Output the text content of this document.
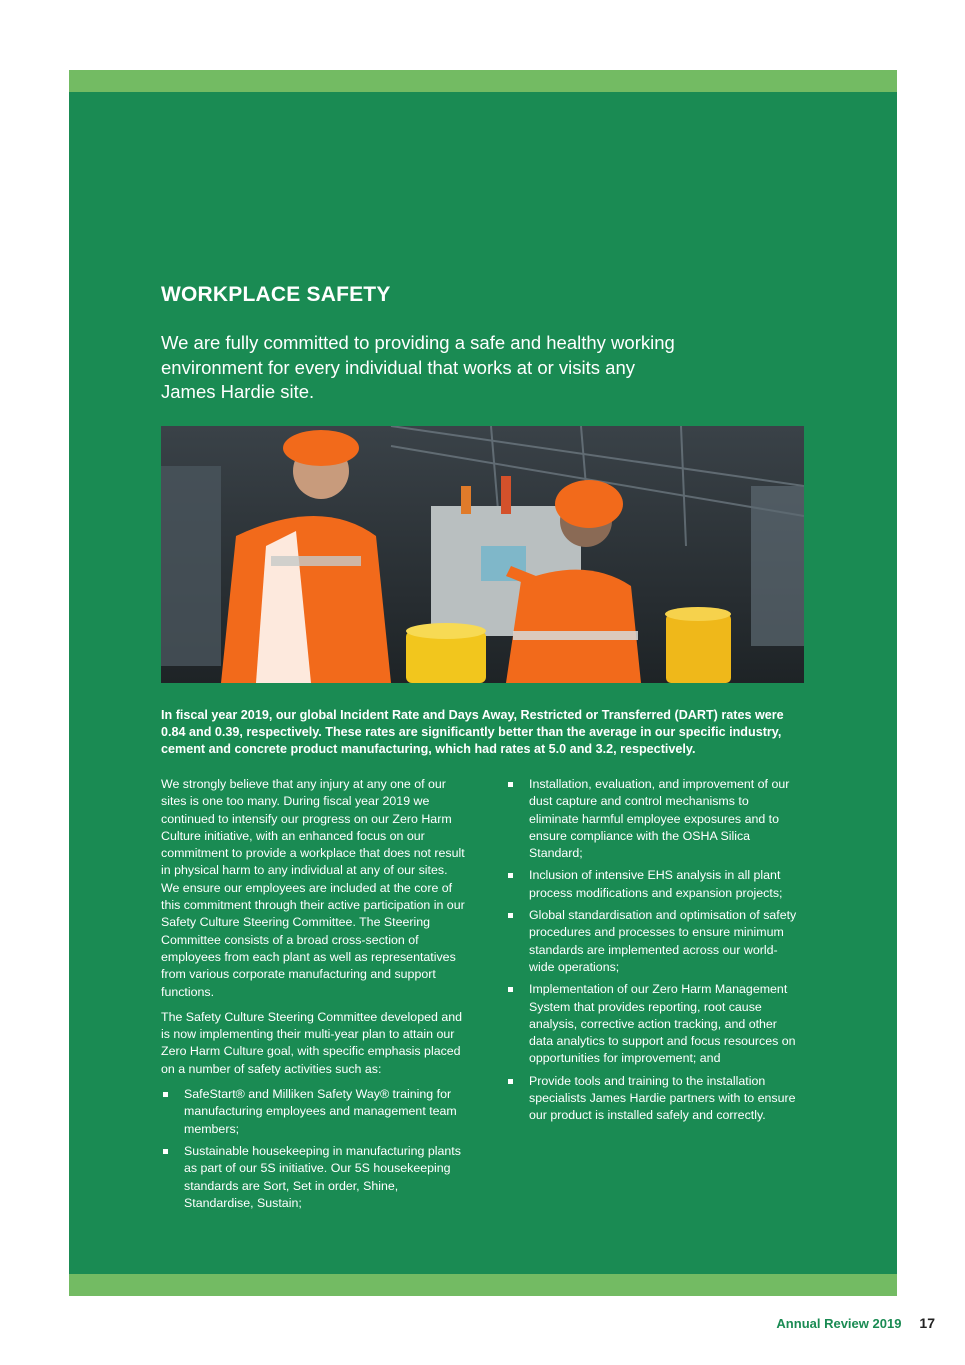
WORKPLACE SAFETY

We are fully committed to providing a safe and healthy working environment for every individual that works at or visits any James Hardie site.

In fiscal year 2019, our global Incident Rate and Days Away, Restricted or Transferred (DART) rates were 0.84 and 0.39, respectively. These rates are significantly better than the average in our specific industry, cement and concrete product manufacturing, which had rates at 5.0 and 3.2, respectively.

We strongly believe that any injury at any one of our sites is one too many. During fiscal year 2019 we continued to intensify our progress on our Zero Harm Culture initiative, with an enhanced focus on our commitment to provide a workplace that does not result in physical harm to any individual at any of our sites. We ensure our employees are included at the core of this commitment through their active participation in our Safety Culture Steering Committee. The Steering Committee consists of a broad cross-section of employees from each plant as well as representatives from various corporate manufacturing and support functions.

The Safety Culture Steering Committee developed and is now implementing their multi-year plan to attain our Zero Harm Culture goal, with specific emphasis placed on a number of safety activities such as:

SafeStart® and Milliken Safety Way® training for manufacturing employees and management team members;
Sustainable housekeeping in manufacturing plants as part of our 5S initiative. Our 5S housekeeping standards are Sort, Set in order, Shine, Standardise, Sustain;
Installation, evaluation, and improvement of our dust capture and control mechanisms to eliminate harmful employee exposures and to ensure compliance with the OSHA Silica Standard;
Inclusion of intensive EHS analysis in all plant process modifications and expansion projects;
Global standardisation and optimisation of safety procedures and processes to ensure minimum standards are implemented across our world-wide operations;
Implementation of our Zero Harm Management System that provides reporting, root cause analysis, corrective action tracking, and other data analytics to support and focus resources on opportunities for improvement; and
Provide tools and training to the installation specialists James Hardie partners with to ensure our product is installed safely and correctly.
Annual Review 2019 17
